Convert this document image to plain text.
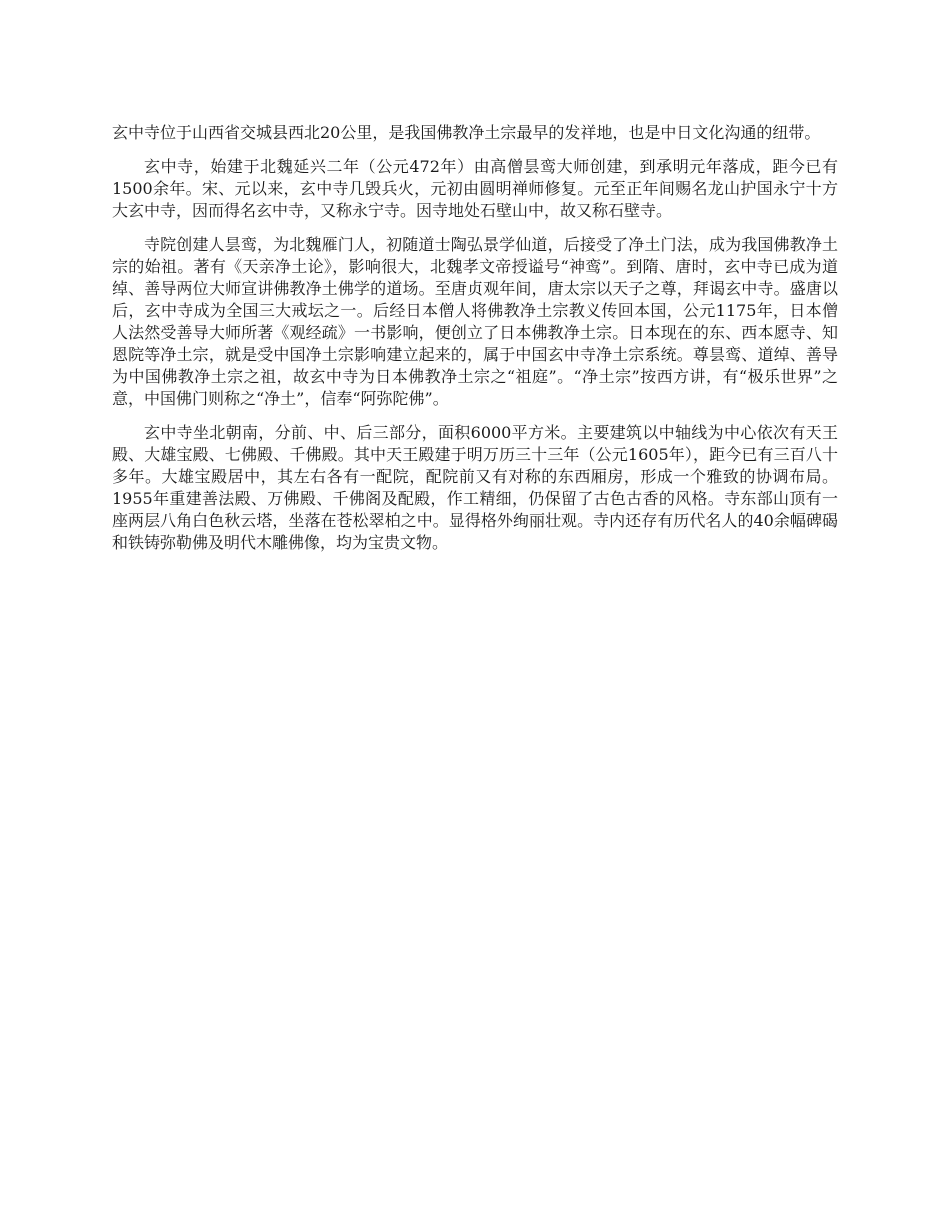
玄中寺位于山西省交城县西北20公里，是我国佛教净土宗最早的发祥地，也是中日文化沟通的纽带。

玄中寺，始建于北魏延兴二年（公元472年）由高僧昙鸾大师创建，到承明元年落成，距今已有1500余年。宋、元以来，玄中寺几毁兵火，元初由圆明禅师修复。元至正年间赐名龙山护国永宁十方大玄中寺，因而得名玄中寺，又称永宁寺。因寺地处石壁山中，故又称石壁寺。

寺院创建人昙鸾，为北魏雁门人，初随道士陶弘景学仙道，后接受了净土门法，成为我国佛教净土宗的始祖。著有《天亲净土论》，影响很大，北魏孝文帝授谥号“神鸾”。到隋、唐时，玄中寺已成为道绰、善导两位大师宣讲佛教净土佛学的道场。至唐贞观年间，唐太宗以天子之尊，拜谒玄中寺。盛唐以后，玄中寺成为全国三大戒坛之一。后经日本僧人将佛教净土宗教义传回本国，公元1175年，日本僧人法然受善导大师所著《观经疏》一书影响，便创立了日本佛教净土宗。日本现在的东、西本愿寺、知恩院等净土宗，就是受中国净土宗影响建立起来的，属于中国玄中寺净土宗系统。尊昙鸾、道绰、善导为中国佛教净土宗之祖，故玄中寺为日本佛教净土宗之“祖庭”。“净土宗”按西方讲，有“极乐世界”之意，中国佛门则称之“净土”，信奉“阿弥陀佛”。

玄中寺坐北朝南，分前、中、后三部分，面积6000平方米。主要建筑以中轴线为中心依次有天王殿、大雄宝殿、七佛殿、千佛殿。其中天王殿建于明万历三十三年（公元1605年），距今已有三百八十多年。大雄宝殿居中，其左右各有一配院，配院前又有对称的东西厢房，形成一个雅致的协调布局。1955年重建善法殿、万佛殿、千佛阁及配殿，作工精细，仍保留了古色古香的风格。寺东部山顶有一座两层八角白色秋云塔，坐落在苍松翠柏之中。显得格外绚丽壮观。寺内还存有历代名人的40余幅碑碣和铁铸弥勒佛及明代木雕佛像，均为宝贵文物。
